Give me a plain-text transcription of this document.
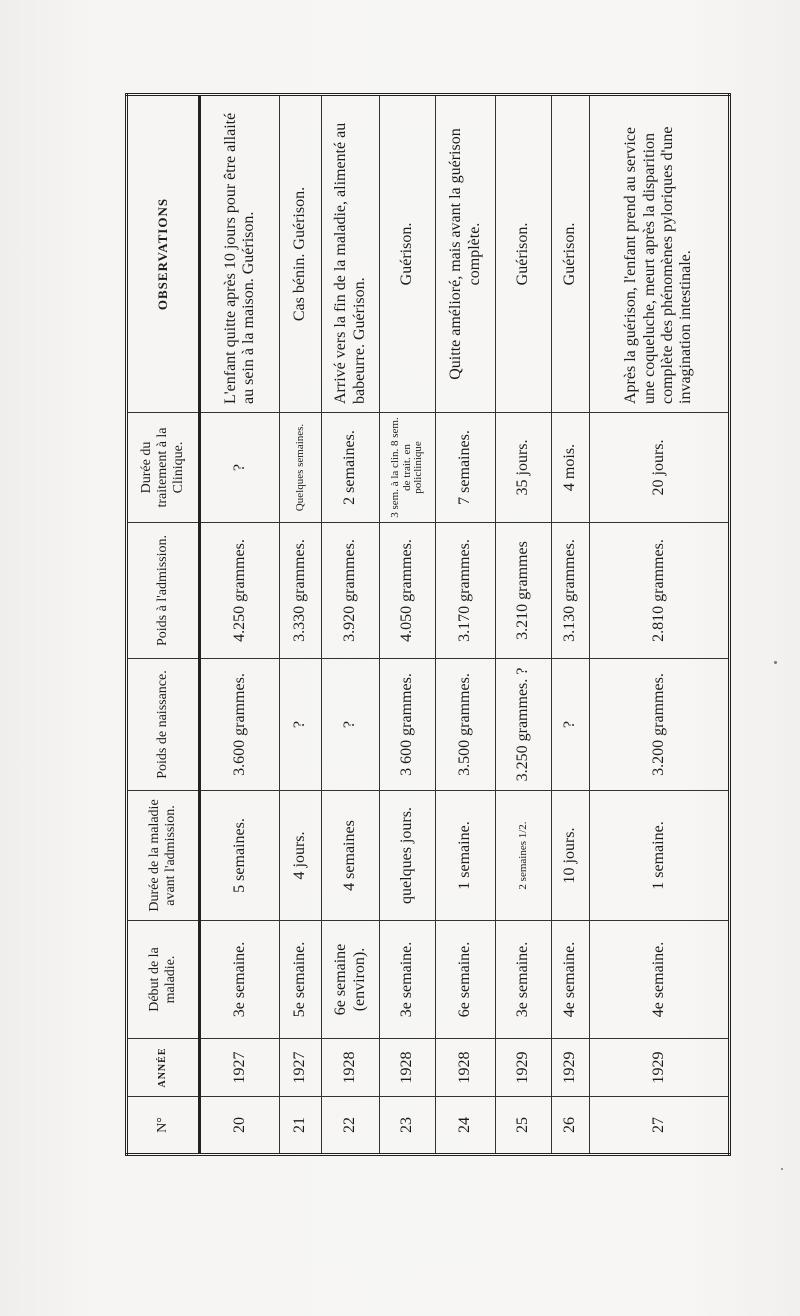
N°	ANNÉE	Début de la maladie.	Durée de la maladie avant l'admission.	Poids de naissance.	Poids à l'admission.	Durée du traitement à la Clinique.	OBSERVATIONS
20	1927	3e semaine.	5 semaines.	3.600 grammes.	4.250 grammes.	?	L'enfant quitte après 10 jours pour être allaité au sein à la maison. Guérison.
21	1927	5e semaine.	4 jours.	?	3.330 grammes.	Quelques semaines.	Cas bénin. Guérison.
22	1928	6e semaine (environ).	4 semaines	?	3.920 grammes.	2 semaines.	Arrivé vers la fin de la maladie, alimenté au babeurre. Guérison.
23	1928	3e semaine.	quelques jours.	3 600 grammes.	4.050 grammes.	3 sem. à la clin. 8 sem. de trait. en policlinique	Guérison.
24	1928	6e semaine.	1 semaine.	3.500 grammes.	3.170 grammes.	7 semaines.	Quitte amélioré, mais avant la guérison complète.
25	1929	3e semaine.	2 semaines 1/2.	3.250 grammes. ?	3.210 grammes	35 jours.	Guérison.
26	1929	4e semaine.	10 jours.	?	3.130 grammes.	4 mois.	Guérison.
27	1929	4e semaine.	1 semaine.	3.200 grammes.	2.810 grammes.	20 jours.	Après la guérison, l'enfant prend au service une coqueluche, meurt après la disparition complète des phénomènes pyloriques d'une invagination intestinale.
